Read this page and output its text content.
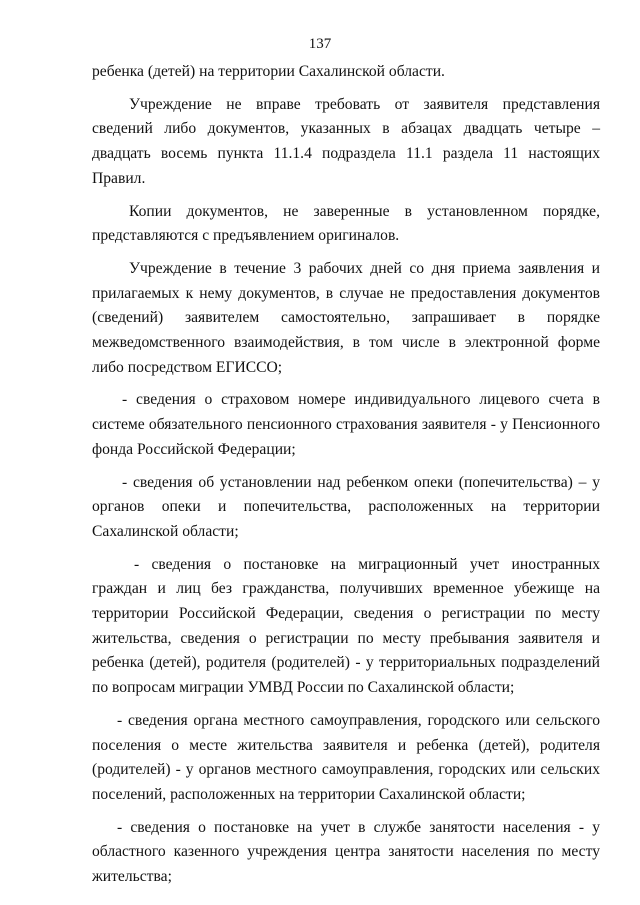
137

ребенка (детей) на территории Сахалинской области.

Учреждение не вправе требовать от заявителя представления сведений либо документов, указанных в абзацах двадцать четыре – двадцать восемь пункта 11.1.4 подраздела 11.1 раздела 11 настоящих Правил.

Копии документов, не заверенные в установленном порядке, представляются с предъявлением оригиналов.

Учреждение в течение 3 рабочих дней со дня приема заявления и прилагаемых к нему документов, в случае не предоставления документов (сведений) заявителем самостоятельно, запрашивает в порядке межведомственного взаимодействия, в том числе в электронной форме либо посредством ЕГИССО;

- сведения о страховом номере индивидуального лицевого счета в системе обязательного пенсионного страхования заявителя - у Пенсионного фонда Российской Федерации;

- сведения об установлении над ребенком опеки (попечительства) – у органов опеки и попечительства, расположенных на территории Сахалинской области;

- сведения о постановке на миграционный учет иностранных граждан и лиц без гражданства, получивших временное убежище на территории Российской Федерации, сведения о регистрации по месту жительства, сведения о регистрации по месту пребывания заявителя и ребенка (детей), родителя (родителей) - у территориальных подразделений по вопросам миграции УМВД России по Сахалинской области;

- сведения органа местного самоуправления, городского или сельского поселения о месте жительства заявителя и ребенка (детей), родителя (родителей) - у органов местного самоуправления, городских или сельских поселений, расположенных на территории Сахалинской области;

- сведения о постановке на учет в службе занятости населения - у областного казенного учреждения центра занятости населения по месту жительства;
